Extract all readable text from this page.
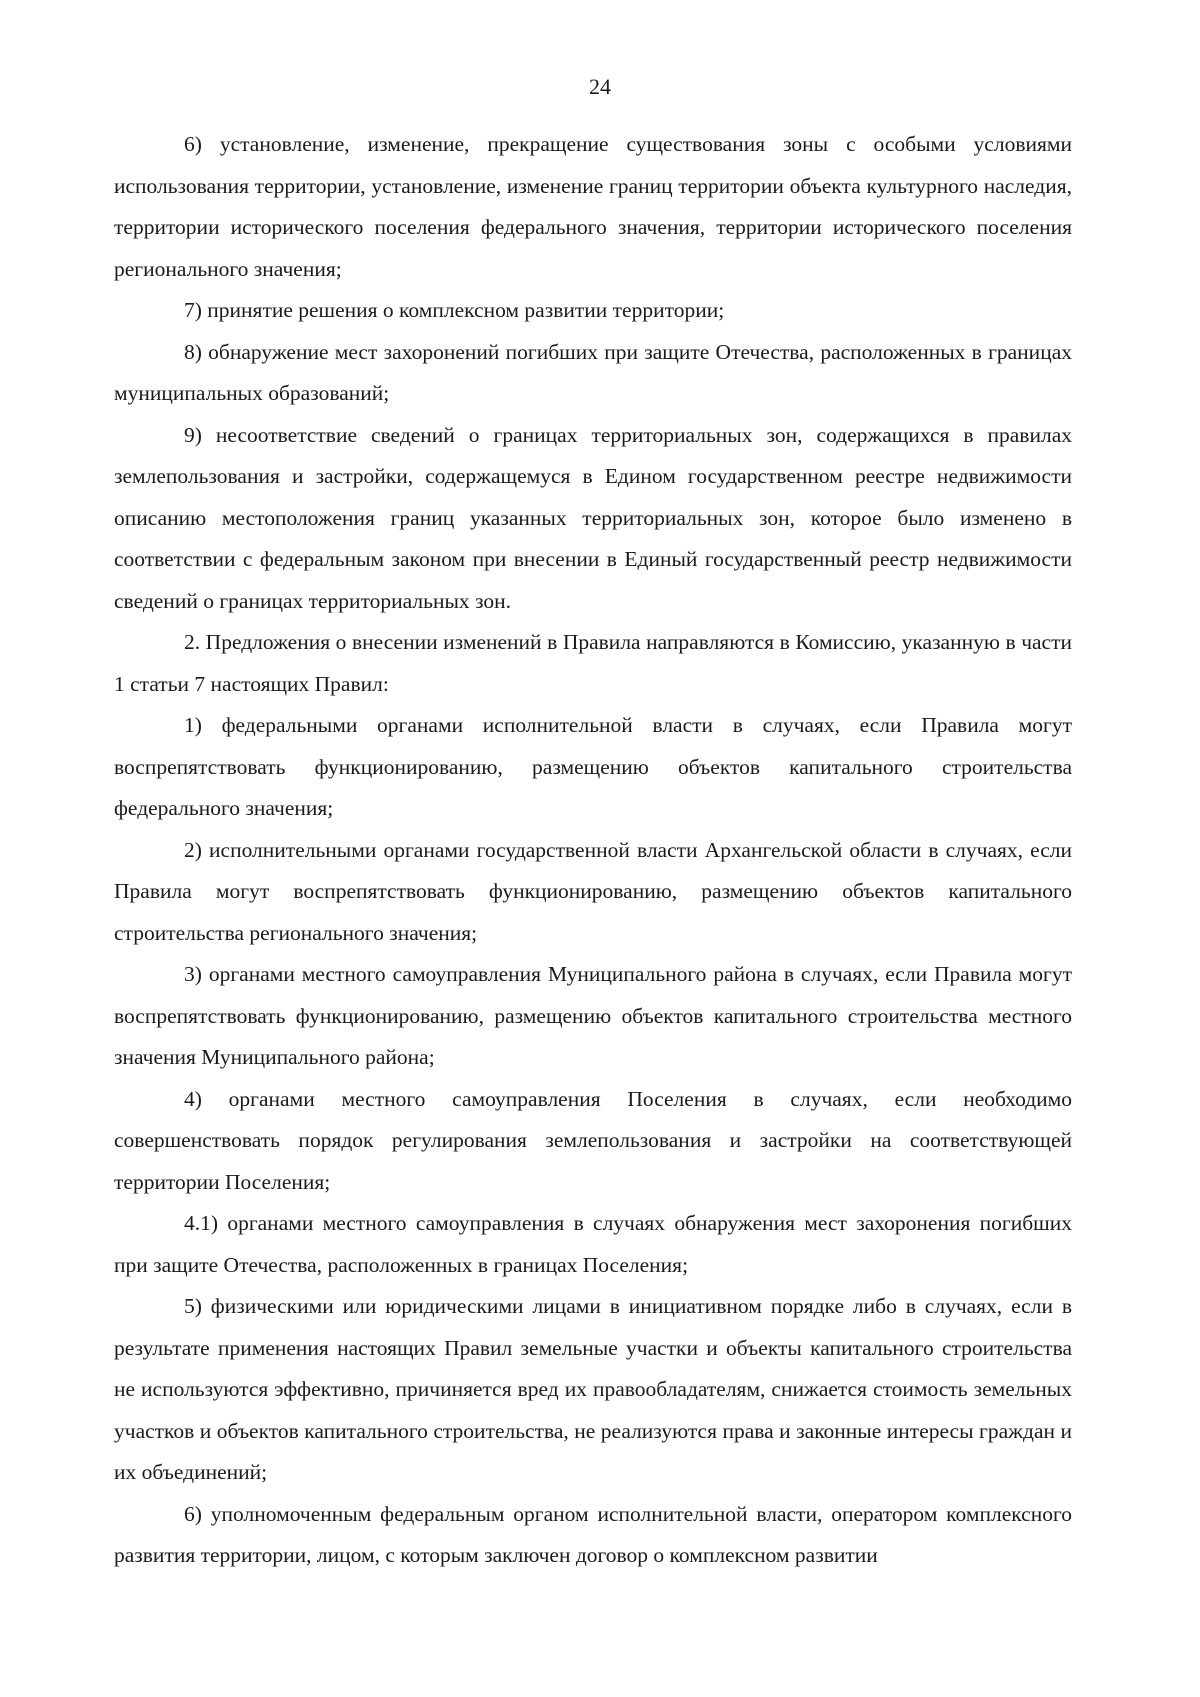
24

6) установление, изменение, прекращение существования зоны с особыми условиями использования территории, установление, изменение границ территории объекта культурного наследия, территории исторического поселения федерального значения, территории исторического поселения регионального значения;

7) принятие решения о комплексном развитии территории;

8) обнаружение мест захоронений погибших при защите Отечества, расположенных в границах муниципальных образований;

9) несоответствие сведений о границах территориальных зон, содержащихся в правилах землепользования и застройки, содержащемуся в Едином государственном реестре недвижимости описанию местоположения границ указанных территориальных зон, которое было изменено в соответствии с федеральным законом при внесении в Единый государственный реестр недвижимости сведений о границах территориальных зон.

2. Предложения о внесении изменений в Правила направляются в Комиссию, указанную в части 1 статьи 7 настоящих Правил:

1) федеральными органами исполнительной власти в случаях, если Правила могут воспрепятствовать функционированию, размещению объектов капитального строительства федерального значения;

2) исполнительными органами государственной власти Архангельской области в случаях, если Правила могут воспрепятствовать функционированию, размещению объектов капитального строительства регионального значения;

3) органами местного самоуправления Муниципального района в случаях, если Правила могут воспрепятствовать функционированию, размещению объектов капитального строительства местного значения Муниципального района;

4) органами местного самоуправления Поселения в случаях, если необходимо совершенствовать порядок регулирования землепользования и застройки на соответствующей территории Поселения;

4.1) органами местного самоуправления в случаях обнаружения мест захоронения погибших при защите Отечества, расположенных в границах Поселения;

5) физическими или юридическими лицами в инициативном порядке либо в случаях, если в результате применения настоящих Правил земельные участки и объекты капитального строительства не используются эффективно, причиняется вред их правообладателям, снижается стоимость земельных участков и объектов капитального строительства, не реализуются права и законные интересы граждан и их объединений;

6) уполномоченным федеральным органом исполнительной власти, оператором комплексного развития территории, лицом, с которым заключен договор о комплексном развитии
